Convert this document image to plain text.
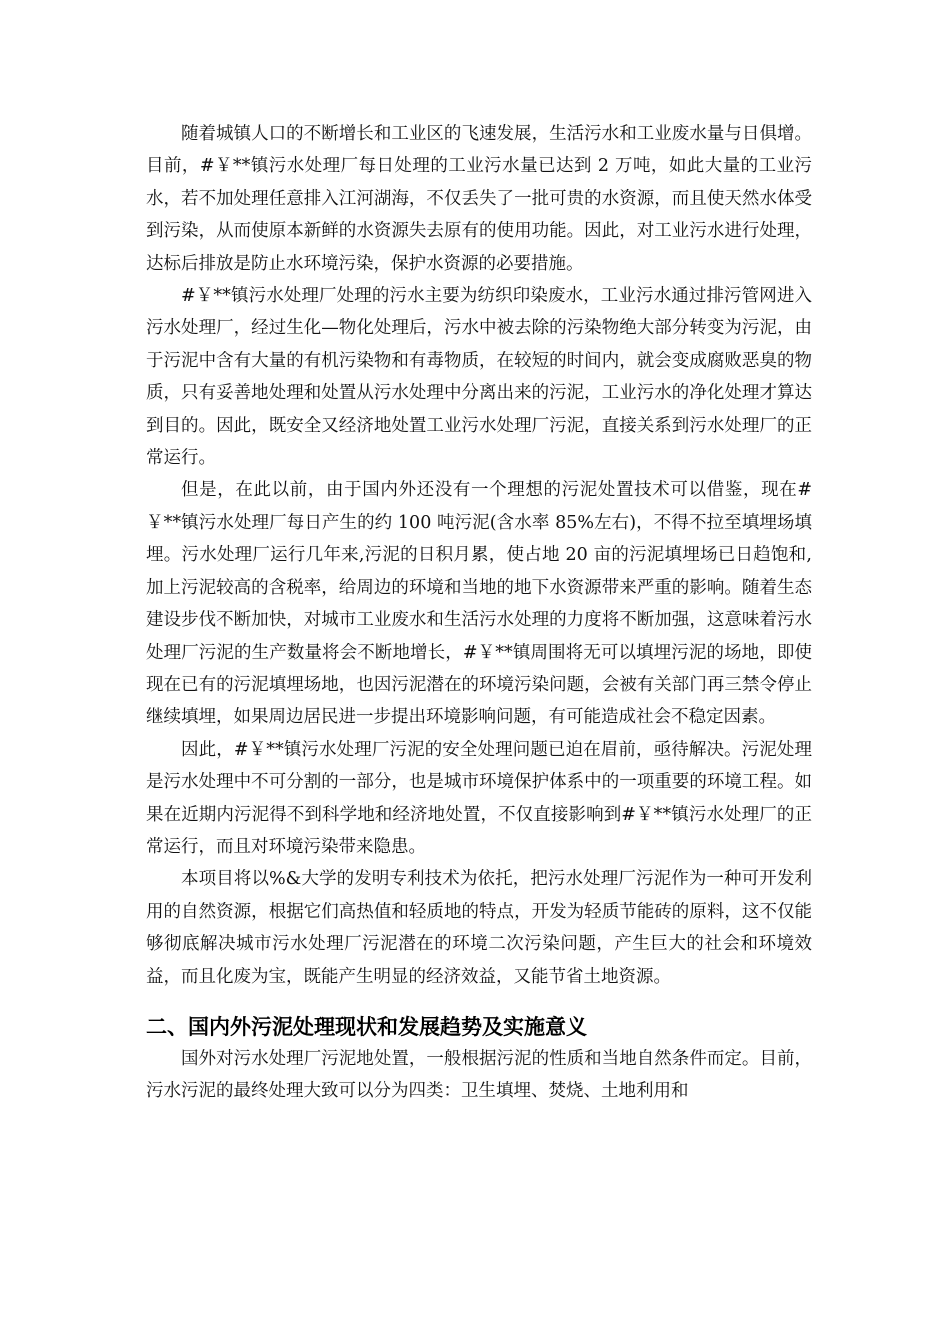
随着城镇人口的不断增长和工业区的飞速发展，生活污水和工业废水量与日俱增。目前，#￥**镇污水处理厂每日处理的工业污水量已达到 2 万吨，如此大量的工业污水，若不加处理任意排入江河湖海，不仅丢失了一批可贵的水资源，而且使天然水体受到污染，从而使原本新鲜的水资源失去原有的使用功能。因此，对工业污水进行处理，达标后排放是防止水环境污染，保护水资源的必要措施。

#￥**镇污水处理厂处理的污水主要为纺织印染废水，工业污水通过排污管网进入污水处理厂，经过生化—物化处理后，污水中被去除的污染物绝大部分转变为污泥，由于污泥中含有大量的有机污染物和有毒物质，在较短的时间内，就会变成腐败恶臭的物质，只有妥善地处理和处置从污水处理中分离出来的污泥，工业污水的净化处理才算达到目的。因此，既安全又经济地处置工业污水处理厂污泥，直接关系到污水处理厂的正常运行。

但是，在此以前，由于国内外还没有一个理想的污泥处置技术可以借鉴，现在#￥**镇污水处理厂每日产生的约 100 吨污泥(含水率 85%左右)，不得不拉至填埋场填埋。污水处理厂运行几年来,污泥的日积月累，使占地 20 亩的污泥填埋场已日趋饱和, 加上污泥较高的含税率，给周边的环境和当地的地下水资源带来严重的影响。随着生态建设步伐不断加快，对城市工业废水和生活污水处理的力度将不断加强，这意味着污水处理厂污泥的生产数量将会不断地增长，#￥**镇周围将无可以填埋污泥的场地，即使现在已有的污泥填埋场地，也因污泥潜在的环境污染问题，会被有关部门再三禁令停止继续填埋，如果周边居民进一步提出环境影响问题，有可能造成社会不稳定因素。

因此，#￥**镇污水处理厂污泥的安全处理问题已迫在眉前，亟待解决。污泥处理是污水处理中不可分割的一部分，也是城市环境保护体系中的一项重要的环境工程。如果在近期内污泥得不到科学地和经济地处置，不仅直接影响到#￥**镇污水处理厂的正常运行，而且对环境污染带来隐患。

本项目将以%&大学的发明专利技术为依托，把污水处理厂污泥作为一种可开发利用的自然资源，根据它们高热值和轻质地的特点，开发为轻质节能砖的原料，这不仅能够彻底解决城市污水处理厂污泥潜在的环境二次污染问题，产生巨大的社会和环境效益，而且化废为宝，既能产生明显的经济效益，又能节省土地资源。

二、国内外污泥处理现状和发展趋势及实施意义

国外对污水处理厂污泥地处置，一般根据污泥的性质和当地自然条件而定。目前，污水污泥的最终处理大致可以分为四类：卫生填埋、焚烧、土地利用和
